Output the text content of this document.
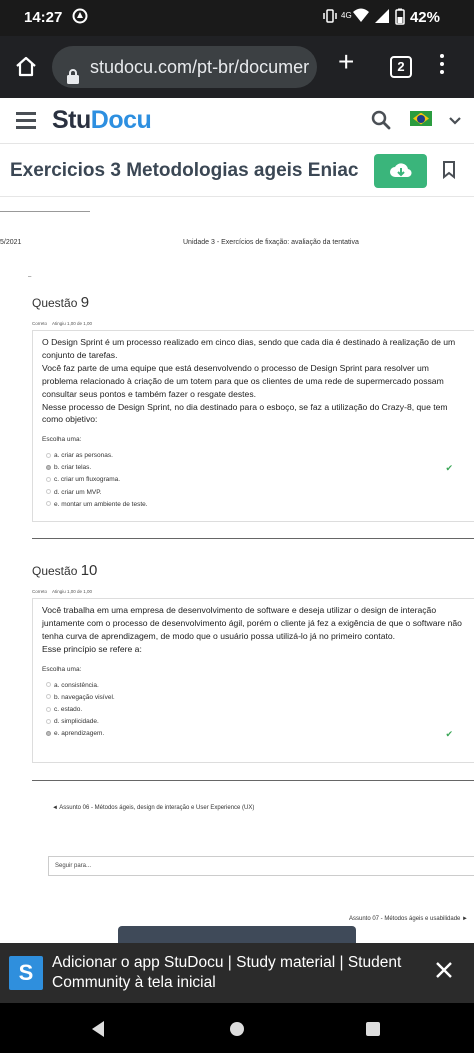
14:27	4G	42%
studocu.com/pt-br/documer +	2
StuDocu
Exercicios 3 Metodologias ageis Eniac
5/2021	Unidade 3 - Exercícios de fixação: avaliação da tentativa
–
Questão 9
Correto Atingiu 1,00 de 1,00
O Design Sprint é um processo realizado em cinco dias, sendo que cada dia é destinado à realização de um conjunto de tarefas.
Você faz parte de uma equipe que está desenvolvendo o processo de Design Sprint para resolver um problema relacionado à criação de um totem para que os clientes de uma rede de supermercado possam consultar seus pontos e também fazer o resgate destes.
Nesse processo de Design Sprint, no dia destinado para o esboço, se faz a utilização do Crazy-8, que tem como objetivo:
Escolha uma:
a. criar as personas.
b. criar telas.	✔
c. criar um fluxograma.
d. criar um MVP.
e. montar um ambiente de teste.
Questão 10
Correto Atingiu 1,00 de 1,00
Você trabalha em uma empresa de desenvolvimento de software e deseja utilizar o design de interação juntamente com o processo de desenvolvimento ágil, porém o cliente já fez a exigência de que o software não tenha curva de aprendizagem, de modo que o usuário possa utilizá-lo já no primeiro contato.
Esse princípio se refere a:
Escolha uma:
a. consistência.
b. navegação visível.
c. estado.
d. simplicidade.
e. aprendizagem.	✔
◄ Assunto 06 - Métodos ágeis, design de interação e User Experience (UX)
Seguir para...
Assunto 07 - Métodos ágeis e usabilidade ►
S	Adicionar o app StuDocu | Study material | Student Community à tela inicial
